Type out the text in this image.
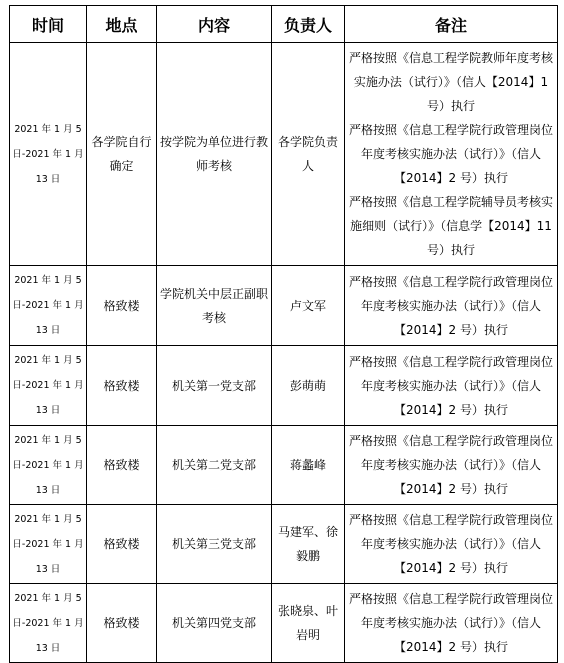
时间	地点	内容	负责人	备注
2021 年 1 月 5 日-2021 年 1 月 13 日	各学院自行确定	按学院为单位进行教师考核	各学院负责人	严格按照《信息工程学院教师年度考核实施办法（试行）》（信人【2014】1 号）执行
严格按照《信息工程学院行政管理岗位年度考核实施办法（试行）》（信人【2014】2 号）执行
严格按照《信息工程学院辅导员考核实施细则（试行）》（信息学【2014】11 号）执行

2021 年 1 月 5 日-2021 年 1 月 13 日	格致楼	学院机关中层正副职考核	卢文军	严格按照《信息工程学院行政管理岗位年度考核实施办法（试行）》（信人【2014】2 号）执行

2021 年 1 月 5 日-2021 年 1 月 13 日	格致楼	机关第一党支部	彭萌萌	严格按照《信息工程学院行政管理岗位年度考核实施办法（试行）》（信人【2014】2 号）执行

2021 年 1 月 5 日-2021 年 1 月 13 日	格致楼	机关第二党支部	蒋蠡峰	严格按照《信息工程学院行政管理岗位年度考核实施办法（试行）》（信人【2014】2 号）执行

2021 年 1 月 5 日-2021 年 1 月 13 日	格致楼	机关第三党支部	马建军、徐毅鹏	严格按照《信息工程学院行政管理岗位年度考核实施办法（试行）》（信人【2014】2 号）执行

2021 年 1 月 5 日-2021 年 1 月 13 日	格致楼	机关第四党支部	张晓泉、叶岩明	严格按照《信息工程学院行政管理岗位年度考核实施办法（试行）》（信人【2014】2 号）执行
